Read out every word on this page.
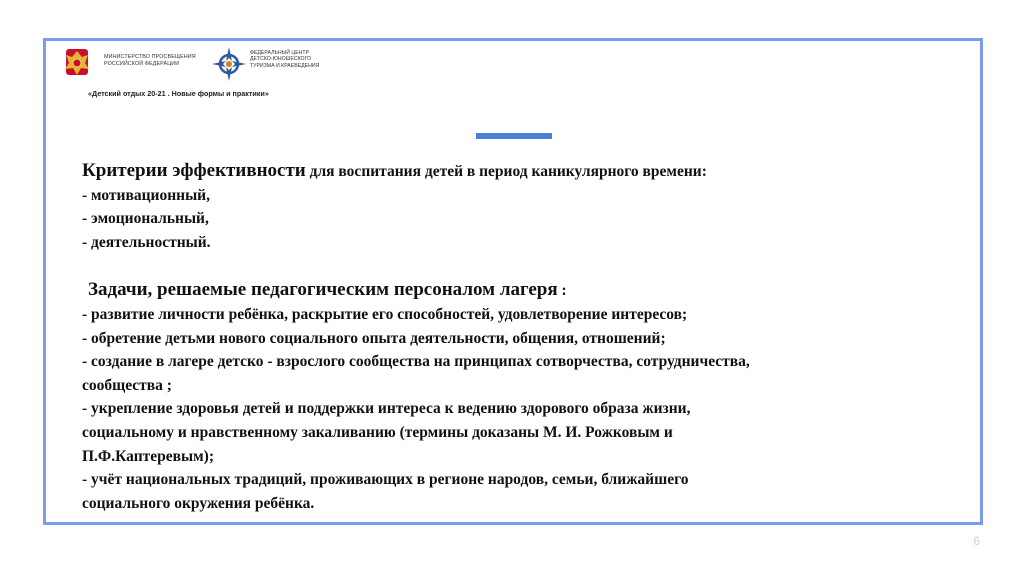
МИНИСТЕРСТВО ПРОСВЕЩЕНИЯ
РОССИЙСКОЙ ФЕДЕРАЦИИ
ФЕДЕРАЛЬНЫЙ ЦЕНТР
ДЕТСКО-ЮНОШЕСКОГО
ТУРИЗМА И КРАЕВЕДЕНИЯ
«Детский отдых 20-21 . Новые формы и практики»
Критерии эффективности для воспитания детей в период каникулярного времени:
- мотивационный,
- эмоциональный,
- деятельностный.
Задачи, решаемые педагогическим персоналом лагеря :
- развитие личности ребёнка, раскрытие его способностей, удовлетворение интересов;
- обретение детьми нового социального опыта деятельности, общения, отношений;
- создание в лагере детско - взрослого сообщества на принципах сотворчества, сотрудничества,
сообщества ;
- укрепление здоровья детей и поддержки интереса к ведению здорового образа жизни,
социальному и нравственному закаливанию (термины доказаны М. И. Рожковым и
П.Ф.Каптеревым);
- учёт национальных традиций, проживающих в регионе народов, семьи, ближайшего
социального окружения ребёнка.
6
